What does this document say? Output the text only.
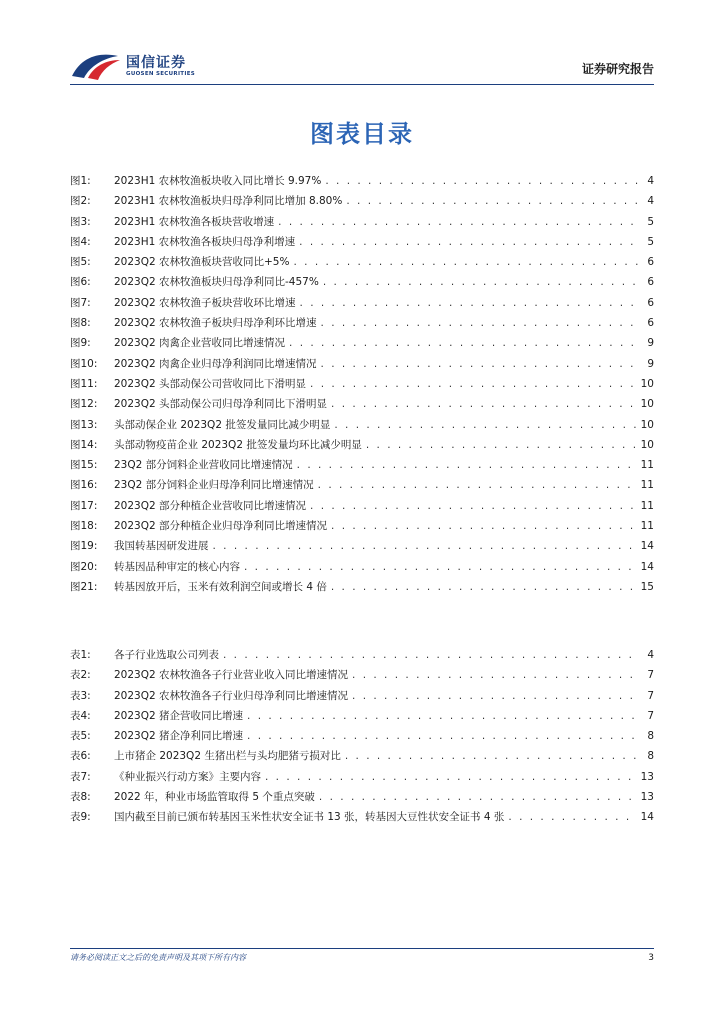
国信证券
GUOSEN SECURITIES	证券研究报告
图表目录
图1:	2023H1 农林牧渔板块收入同比增长 9.97% . . .	4
图2:	2023H1 农林牧渔板块归母净利同比增加 8.80% . . .	4
图3:	2023H1 农林牧渔各板块营收增速 . . .	5
图4:	2023H1 农林牧渔各板块归母净利增速 . . .	5
图5:	2023Q2 农林牧渔板块营收同比+5% . . .	6
图6:	2023Q2 农林牧渔板块归母净利同比-457% . . .	6
图7:	2023Q2 农林牧渔子板块营收环比增速 . . .	6
图8:	2023Q2 农林牧渔子板块归母净利环比增速 . . .	6
图9:	2023Q2 肉禽企业营收同比增速情况 . . .	9
图10:	2023Q2 肉禽企业归母净利润同比增速情况 . . .	9
图11:	2023Q2 头部动保公司营收同比下滑明显 . . .	10
图12:	2023Q2 头部动保公司归母净利同比下滑明显 . . .	10
图13:	头部动保企业 2023Q2 批签发量同比减少明显 . . .	10
图14:	头部动物疫苗企业 2023Q2 批签发量均环比减少明显 . . .	10
图15:	23Q2 部分饲料企业营收同比增速情况 . . .	11
图16:	23Q2 部分饲料企业归母净利同比增速情况 . . .	11
图17:	2023Q2 部分种植企业营收同比增速情况 . . .	11
图18:	2023Q2 部分种植企业归母净利同比增速情况 . . .	11
图19:	我国转基因研发进展 . . .	14
图20:	转基因品种审定的核心内容 . . .	14
图21:	转基因放开后，玉米有效利润空间或增长 4 倍 . . .	15
表1:	各子行业选取公司列表 . . .	4
表2:	2023Q2 农林牧渔各子行业营业收入同比增速情况 . . .	7
表3:	2023Q2 农林牧渔各子行业归母净利同比增速情况 . . .	7
表4:	2023Q2 猪企营收同比增速 . . .	7
表5:	2023Q2 猪企净利同比增速 . . .	8
表6:	上市猪企 2023Q2 生猪出栏与头均肥猪亏损对比 . . .	8
表7:	《种业振兴行动方案》主要内容 . . .	13
表8:	2022 年，种业市场监管取得 5 个重点突破 . . .	13
表9:	国内截至目前已颁布转基因玉米性状安全证书 13 张，转基因大豆性状安全证书 4 张 . . .	14
请务必阅读正文之后的免责声明及其项下所有内容	3
